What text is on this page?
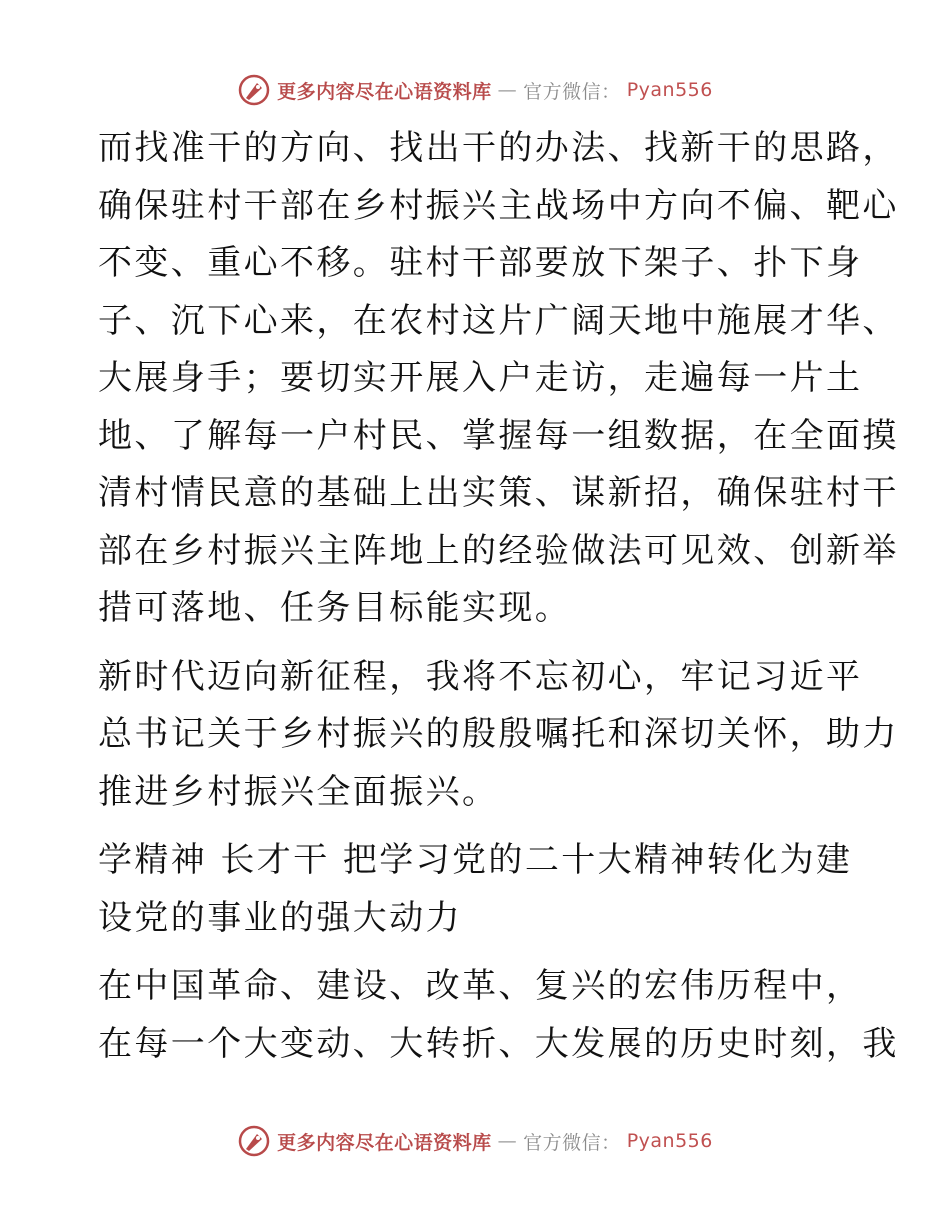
更多内容尽在心语资料库 — 官方微信： Pyan556

而找准干的方向、找出干的办法、找新干的思路，
确保驻村干部在乡村振兴主战场中方向不偏、靶心
不变、重心不移。驻村干部要放下架子、扑下身
子、沉下心来，在农村这片广阔天地中施展才华、
大展身手；要切实开展入户走访，走遍每一片土
地、了解每一户村民、掌握每一组数据，在全面摸
清村情民意的基础上出实策、谋新招，确保驻村干
部在乡村振兴主阵地上的经验做法可见效、创新举
措可落地、任务目标能实现。

新时代迈向新征程，我将不忘初心，牢记习近平
总书记关于乡村振兴的殷殷嘱托和深切关怀，助力
推进乡村振兴全面振兴。

学精神 长才干 把学习党的二十大精神转化为建
设党的事业的强大动力

在中国革命、建设、改革、复兴的宏伟历程中，
在每一个大变动、大转折、大发展的历史时刻，我

更多内容尽在心语资料库 — 官方微信： Pyan556
